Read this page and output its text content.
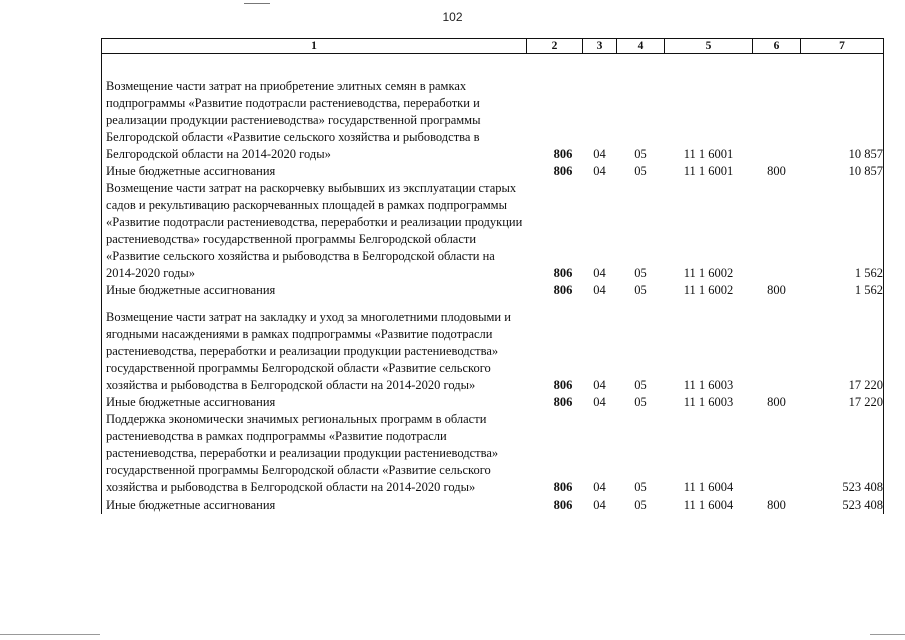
102
1	2	3	4	5	6	7
Возмещение части затрат на приобретение элитных семян в рамках подпрограммы «Развитие подотрасли растениеводства, переработки и реализации продукции растениеводства» государственной программы Белгородской области «Развитие сельского хозяйства и рыбоводства в Белгородской области на 2014-2020 годы»	806	04	05	11 1 6001		10 857
Иные бюджетные ассигнования	806	04	05	11 1 6001	800	10 857
Возмещение части затрат на раскорчевку выбывших из эксплуатации старых садов и рекультивацию раскорчеванных площадей в рамках подпрограммы «Развитие подотрасли растениеводства, переработки и реализации продукции растениеводства» государственной программы Белгородской области «Развитие сельского хозяйства и рыбоводства в Белгородской области на 2014-2020 годы»	806	04	05	11 1 6002		1 562
Иные бюджетные ассигнования	806	04	05	11 1 6002	800	1 562
Возмещение части затрат на закладку и уход за многолетними плодовыми и ягодными насаждениями в рамках подпрограммы «Развитие подотрасли растениеводства, переработки и реализации продукции растениеводства» государственной программы Белгородской области «Развитие сельского хозяйства и рыбоводства в Белгородской области на 2014-2020 годы»	806	04	05	11 1 6003		17 220
Иные бюджетные ассигнования	806	04	05	11 1 6003	800	17 220
Поддержка экономически значимых региональных программ в области растениеводства в рамках подпрограммы «Развитие подотрасли растениеводства, переработки и реализации продукции растениеводства» государственной программы Белгородской области «Развитие сельского хозяйства и рыбоводства в Белгородской области на 2014-2020 годы»	806	04	05	11 1 6004		523 408
Иные бюджетные ассигнования	806	04	05	11 1 6004	800	523 408
